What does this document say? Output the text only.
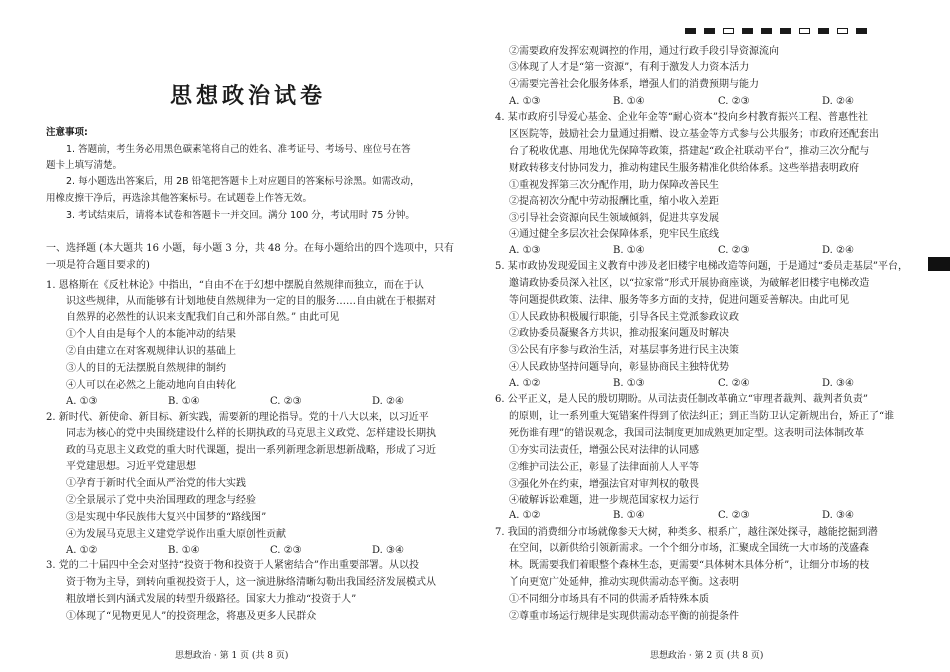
思想政治试卷
注意事项:
1. 答题前，考生务必用黑色碳素笔将自己的姓名、准考证号、考场号、座位号在答
题卡上填写清楚。
2. 每小题选出答案后，用 2B 铅笔把答题卡上对应题目的答案标号涂黑。如需改动，
用橡皮擦干净后，再选涂其他答案标号。在试题卷上作答无效。
3. 考试结束后，请将本试卷和答题卡一并交回。满分 100 分，考试用时 75 分钟。
一、选择题 (本大题共 16 小题，每小题 3 分，共 48 分。在每小题给出的四个选项中，只有
一项是符合题目要求的)
1. 恩格斯在《反杜林论》中指出，“自由不在于幻想中摆脱自然规律而独立，而在于认
识这些规律，从而能够有计划地使自然规律为一定的目的服务……自由就在于根据对
自然界的必然性的认识来支配我们自己和外部自然。” 由此可见
①个人自由是每个人的本能冲动的结果
②自由建立在对客观规律认识的基础上
③人的目的无法摆脱自然规律的制约
④人可以在必然之上能动地向自由转化
2. 新时代、新使命、新目标、新实践，需要新的理论指导。党的十八大以来，以习近平
同志为核心的党中央围绕建设什么样的长期执政的马克思主义政党、怎样建设长期执
政的马克思主义政党的重大时代课题，提出一系列新理念新思想新战略，形成了习近
平党建思想。习近平党建思想
①孕育于新时代全面从严治党的伟大实践
②全景展示了党中央治国理政的理念与经验
③是实现中华民族伟大复兴中国梦的“路线图”
④为发展马克思主义建党学说作出重大原创性贡献
3. 党的二十届四中全会对坚持“投资于物和投资于人紧密结合”作出重要部署。从以投
资于物为主导，到转向重视投资于人，这一演进脉络清晰勾勒出我国经济发展模式从
粗放增长到内涵式发展的转型升级路径。国家大力推动“投资于人”
①体现了“见物更见人”的投资理念，将惠及更多人民群众
A. ①③	B. ①④	C. ②③	D. ②④
A. ①②	B. ①④	C. ②③	D. ③④
②需要政府发挥宏观调控的作用，通过行政手段引导资源流向
③体现了人才是“第一资源”，有利于激发人力资本活力
④需要完善社会化服务体系，增强人们的消费预期与能力
4. 某市政府引导爱心基金、企业年金等“耐心资本”投向乡村教育振兴工程、普惠性社
区医院等，鼓励社会力量通过捐赠、设立基金等方式参与公共服务；市政府还配套出
台了税收优惠、用地优先保障等政策，搭建起“政企社联动平台”，推动三次分配与
财政转移支付协同发力，推动构建民生服务精准化供给体系。这些举措表明政府
①重视发挥第三次分配作用，助力保障改善民生
②提高初次分配中劳动报酬比重，缩小收入差距
③引导社会资源向民生领域倾斜，促进共享发展
④通过健全多层次社会保障体系，兜牢民生底线
5. 某市政协发现爱国主义教育中涉及老旧楼宇电梯改造等问题，于是通过“委员走基层”平台，
邀请政协委员深入社区，以“拉家常”形式开展协商座谈，为破解老旧楼宇电梯改造
等问题提供政策、法律、服务等多方面的支持，促进问题妥善解决。由此可见
①人民政协积极履行职能，引导各民主党派参政议政
②政协委员凝聚各方共识，推动报案问题及时解决
③公民有序参与政治生活，对基层事务进行民主决策
④人民政协坚持问题导向，彰显协商民主独特优势
6. 公平正义，是人民的殷切期盼。从司法责任制改革确立“审理者裁判、裁判者负责”
的原则，让一系列重大冤错案件得到了依法纠正；到正当防卫认定新规出台，矫正了“谁
死伤谁有理”的错误观念，我国司法制度更加成熟更加定型。这表明司法体制改革
①夯实司法责任，增强公民对法律的认同感
②维护司法公正，彰显了法律面前人人平等
③强化外在约束，增强法官对审判权的敬畏
④破解诉讼难题，进一步规范国家权力运行
7. 我国的消费细分市场就像参天大树，种类多、根系广，越往深处探寻，越能挖掘到潜
在空间，以新供给引领新需求。一个个细分市场，汇聚成全国统一大市场的茂盛森
林。既需要我们着眼整个森林生态，更需要“具体树木具体分析”，让细分市场的枝
丫向更宽广处延伸，推动实现供需动态平衡。这表明
①不同细分市场具有不同的供需矛盾特殊本质
②尊重市场运行规律是实现供需动态平衡的前提条件
A. ①③	B. ①④	C. ②③	D. ②④
A. ①③	B. ①④	C. ②③	D. ②④
A. ①②	B. ①③	C. ②④	D. ③④
A. ①②	B. ①④	C. ②③	D. ③④
思想政治 · 第 1 页 (共 8 页)	思想政治 · 第 2 页 (共 8 页)
